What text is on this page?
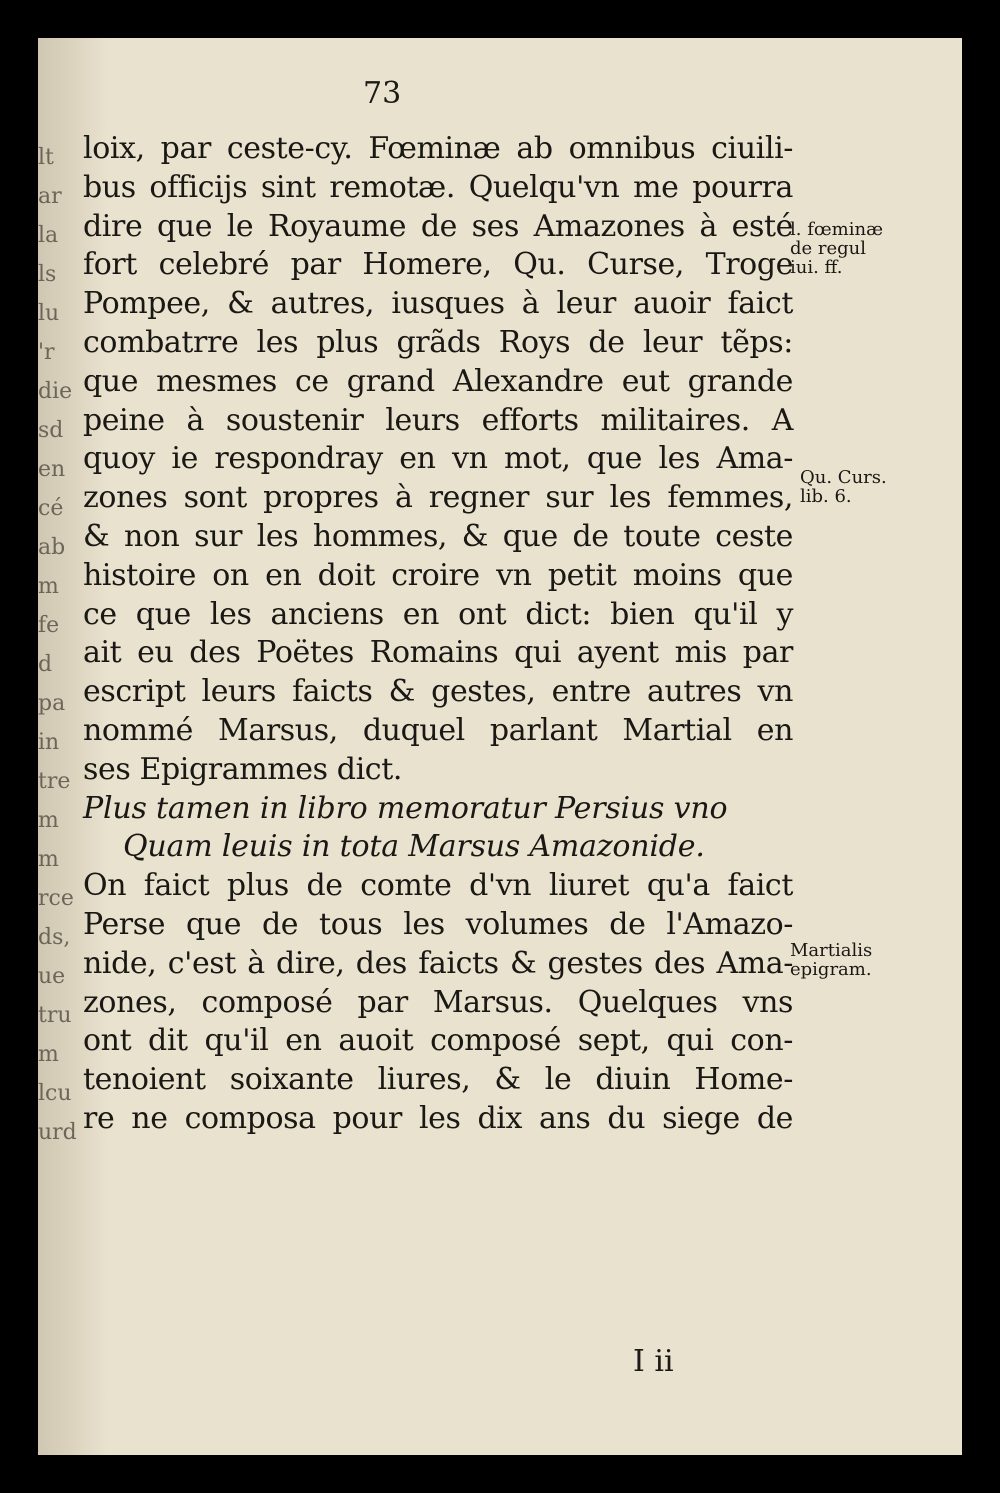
lt
ar
la
ls
lu
'r
die
sd
en
cé
ab
m
fe
d
pa
in
tre
m
m
rce
ds,
ue
tru
m
lcu
urd
73
loix, par ceste-cy. Fœminæ ab omnibus ciuili-
bus officijs sint remotæ. Quelqu'vn me pourra
dire que le Royaume de ses Amazones à esté
fort celebré par Homere, Qu. Curse, Troge
Pompee, & autres, iusques à leur auoir faict
combatrre les plus grãds Roys de leur tẽps:
que mesmes ce grand Alexandre eut grande
peine à soustenir leurs efforts militaires. A
quoy ie respondray en vn mot, que les Ama-
zones sont propres à regner sur les femmes,
& non sur les hommes, & que de toute ceste
histoire on en doit croire vn petit moins que
ce que les anciens en ont dict: bien qu'il y
ait eu des Poëtes Romains qui ayent mis par
escript leurs faicts & gestes, entre autres vn
nommé Marsus, duquel parlant Martial en
ses Epigrammes dict.
Plus tamen in libro memoratur Persius vno
Quam leuis in tota Marsus Amazonide.
On faict plus de comte d'vn liuret qu'a faict
Perse que de tous les volumes de l'Amazo-
nide, c'est à dire, des faicts & gestes des Ama-
zones, composé par Marsus. Quelques vns
ont dit qu'il en auoit composé sept, qui con-
tenoient soixante liures, & le diuin Home-
re ne composa pour les dix ans du siege de
l. fœminæ
de regul
iui. ff.
Qu. Curs.
lib. 6.
Martialis
epigram.
I ii
